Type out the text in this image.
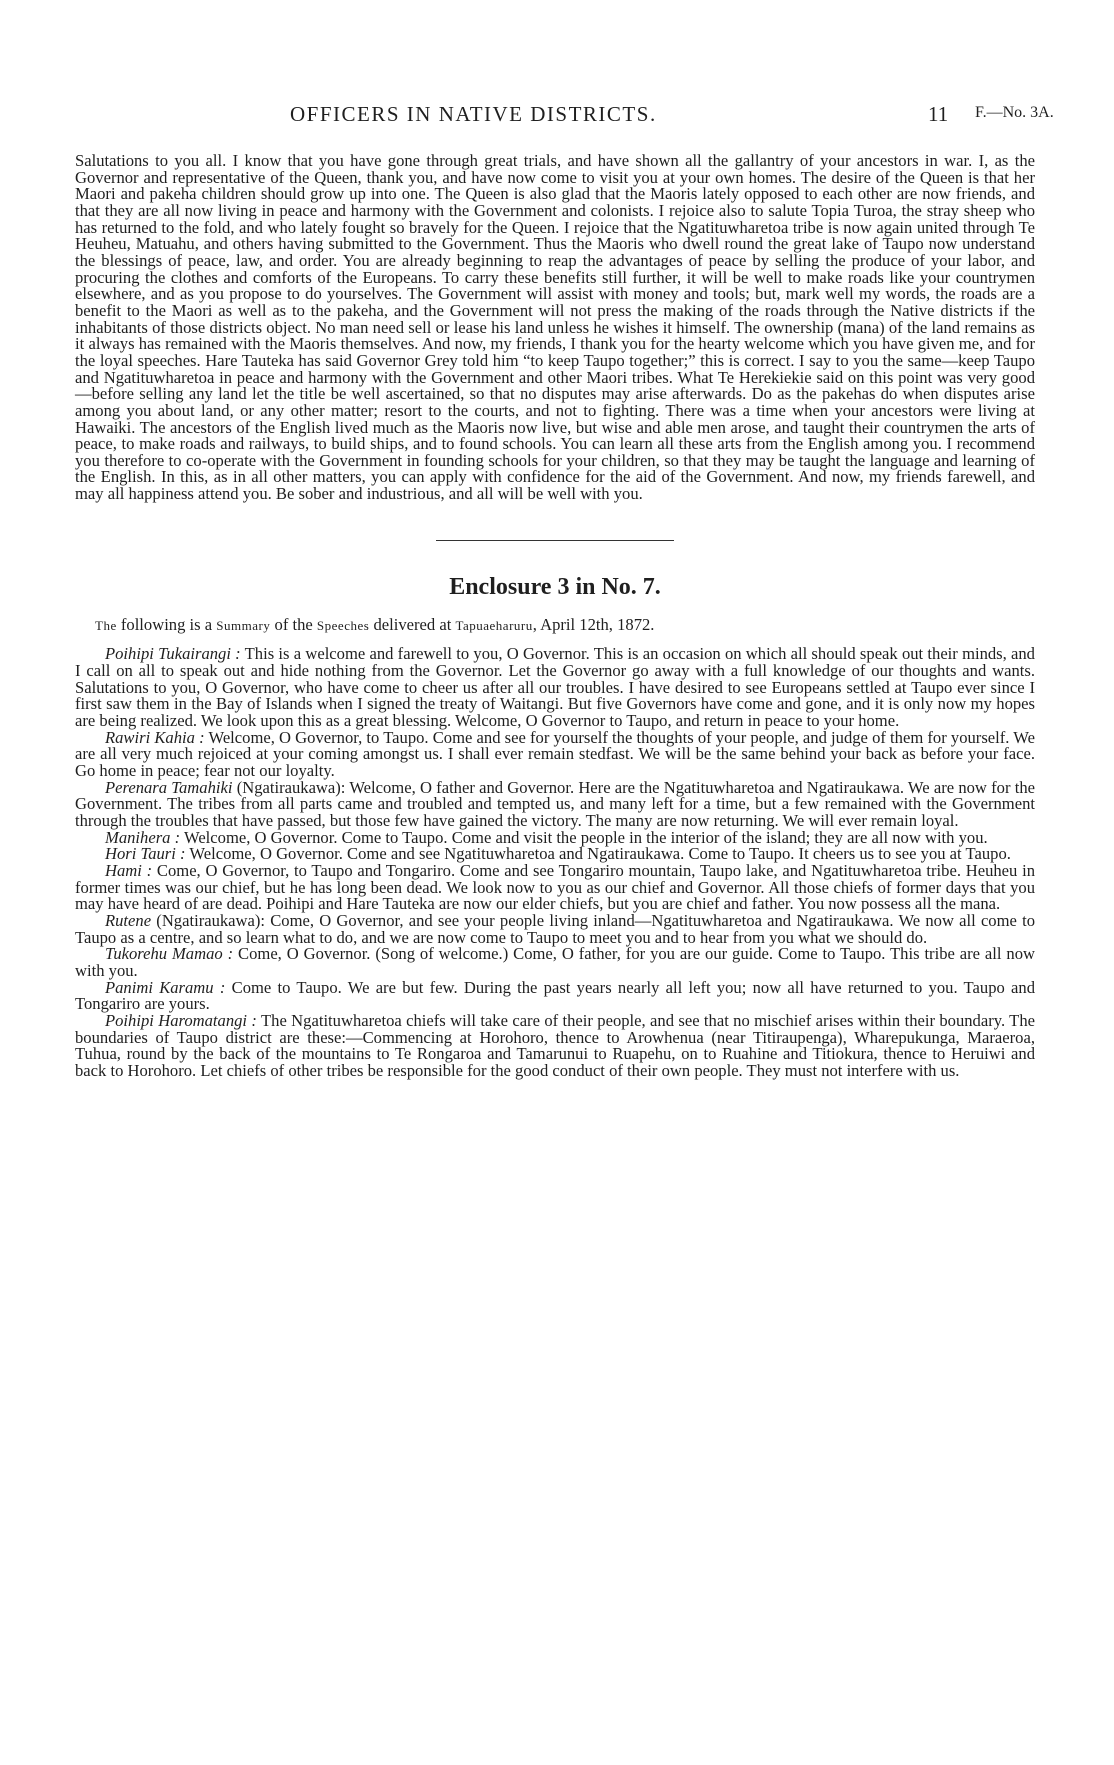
OFFICERS IN NATIVE DISTRICTS.	11 F.—No. 3A.

Salutations to you all. I know that you have gone through great trials, and have shown all the gallantry of your ancestors in war. I, as the Governor and representative of the Queen, thank you, and have now come to visit you at your own homes. The desire of the Queen is that her Maori and pakeha children should grow up into one. The Queen is also glad that the Maoris lately opposed to each other are now friends, and that they are all now living in peace and harmony with the Government and colonists. I rejoice also to salute Topia Turoa, the stray sheep who has returned to the fold, and who lately fought so bravely for the Queen. I rejoice that the Ngatituwharetoa tribe is now again united through Te Heuheu, Matuahu, and others having submitted to the Government. Thus the Maoris who dwell round the great lake of Taupo now understand the blessings of peace, law, and order. You are already beginning to reap the advantages of peace by selling the produce of your labor, and procuring the clothes and comforts of the Europeans. To carry these benefits still further, it will be well to make roads like your countrymen elsewhere, and as you propose to do yourselves. The Government will assist with money and tools; but, mark well my words, the roads are a benefit to the Maori as well as to the pakeha, and the Government will not press the making of the roads through the Native districts if the inhabitants of those districts object. No man need sell or lease his land unless he wishes it himself. The ownership (mana) of the land remains as it always has remained with the Maoris themselves. And now, my friends, I thank you for the hearty welcome which you have given me, and for the loyal speeches. Hare Tauteka has said Governor Grey told him “to keep Taupo together;” this is correct. I say to you the same—keep Taupo and Ngatituwharetoa in peace and harmony with the Government and other Maori tribes. What Te Herekiekie said on this point was very good—before selling any land let the title be well ascertained, so that no disputes may arise afterwards. Do as the pakehas do when disputes arise among you about land, or any other matter; resort to the courts, and not to fighting. There was a time when your ancestors were living at Hawaiki. The ancestors of the English lived much as the Maoris now live, but wise and able men arose, and taught their countrymen the arts of peace, to make roads and railways, to build ships, and to found schools. You can learn all these arts from the English among you. I recommend you therefore to co-operate with the Government in founding schools for your children, so that they may be taught the language and learning of the English. In this, as in all other matters, you can apply with confidence for the aid of the Government. And now, my friends farewell, and may all happiness attend you. Be sober and industrious, and all will be well with you.

Enclosure 3 in No. 7.

The following is a Summary of the Speeches delivered at Tapuaeharuru, April 12th, 1872.

Poihipi Tukairangi : This is a welcome and farewell to you, O Governor. This is an occasion on which all should speak out their minds, and I call on all to speak out and hide nothing from the Governor. Let the Governor go away with a full knowledge of our thoughts and wants. Salutations to you, O Governor, who have come to cheer us after all our troubles. I have desired to see Europeans settled at Taupo ever since I first saw them in the Bay of Islands when I signed the treaty of Waitangi. But five Governors have come and gone, and it is only now my hopes are being realized. We look upon this as a great blessing. Welcome, O Governor to Taupo, and return in peace to your home.

Rawiri Kahia : Welcome, O Governor, to Taupo. Come and see for yourself the thoughts of your people, and judge of them for yourself. We are all very much rejoiced at your coming amongst us. I shall ever remain stedfast. We will be the same behind your back as before your face. Go home in peace; fear not our loyalty.

Perenara Tamahiki (Ngatiraukawa): Welcome, O father and Governor. Here are the Ngatituwharetoa and Ngatiraukawa. We are now for the Government. The tribes from all parts came and troubled and tempted us, and many left for a time, but a few remained with the Government through the troubles that have passed, but those few have gained the victory. The many are now returning. We will ever remain loyal.

Manihera : Welcome, O Governor. Come to Taupo. Come and visit the people in the interior of the island; they are all now with you.

Hori Tauri : Welcome, O Governor. Come and see Ngatituwharetoa and Ngatiraukawa. Come to Taupo. It cheers us to see you at Taupo.

Hami : Come, O Governor, to Taupo and Tongariro. Come and see Tongariro mountain, Taupo lake, and Ngatituwharetoa tribe. Heuheu in former times was our chief, but he has long been dead. We look now to you as our chief and Governor. All those chiefs of former days that you may have heard of are dead. Poihipi and Hare Tauteka are now our elder chiefs, but you are chief and father. You now possess all the mana.

Rutene (Ngatiraukawa): Come, O Governor, and see your people living inland—Ngatituwharetoa and Ngatiraukawa. We now all come to Taupo as a centre, and so learn what to do, and we are now come to Taupo to meet you and to hear from you what we should do.

Tukorehu Mamao : Come, O Governor. (Song of welcome.) Come, O father, for you are our guide. Come to Taupo. This tribe are all now with you.

Panimi Karamu : Come to Taupo. We are but few. During the past years nearly all left you; now all have returned to you. Taupo and Tongariro are yours.

Poihipi Haromatangi : The Ngatituwharetoa chiefs will take care of their people, and see that no mischief arises within their boundary. The boundaries of Taupo district are these:—Commencing at Horohoro, thence to Arowhenua (near Titiraupenga), Wharepukunga, Maraeroa, Tuhua, round by the back of the mountains to Te Rongaroa and Tamarunui to Ruapehu, on to Ruahine and Titiokura, thence to Heruiwi and back to Horohoro. Let chiefs of other tribes be responsible for the good conduct of their own people. They must not interfere with us.
